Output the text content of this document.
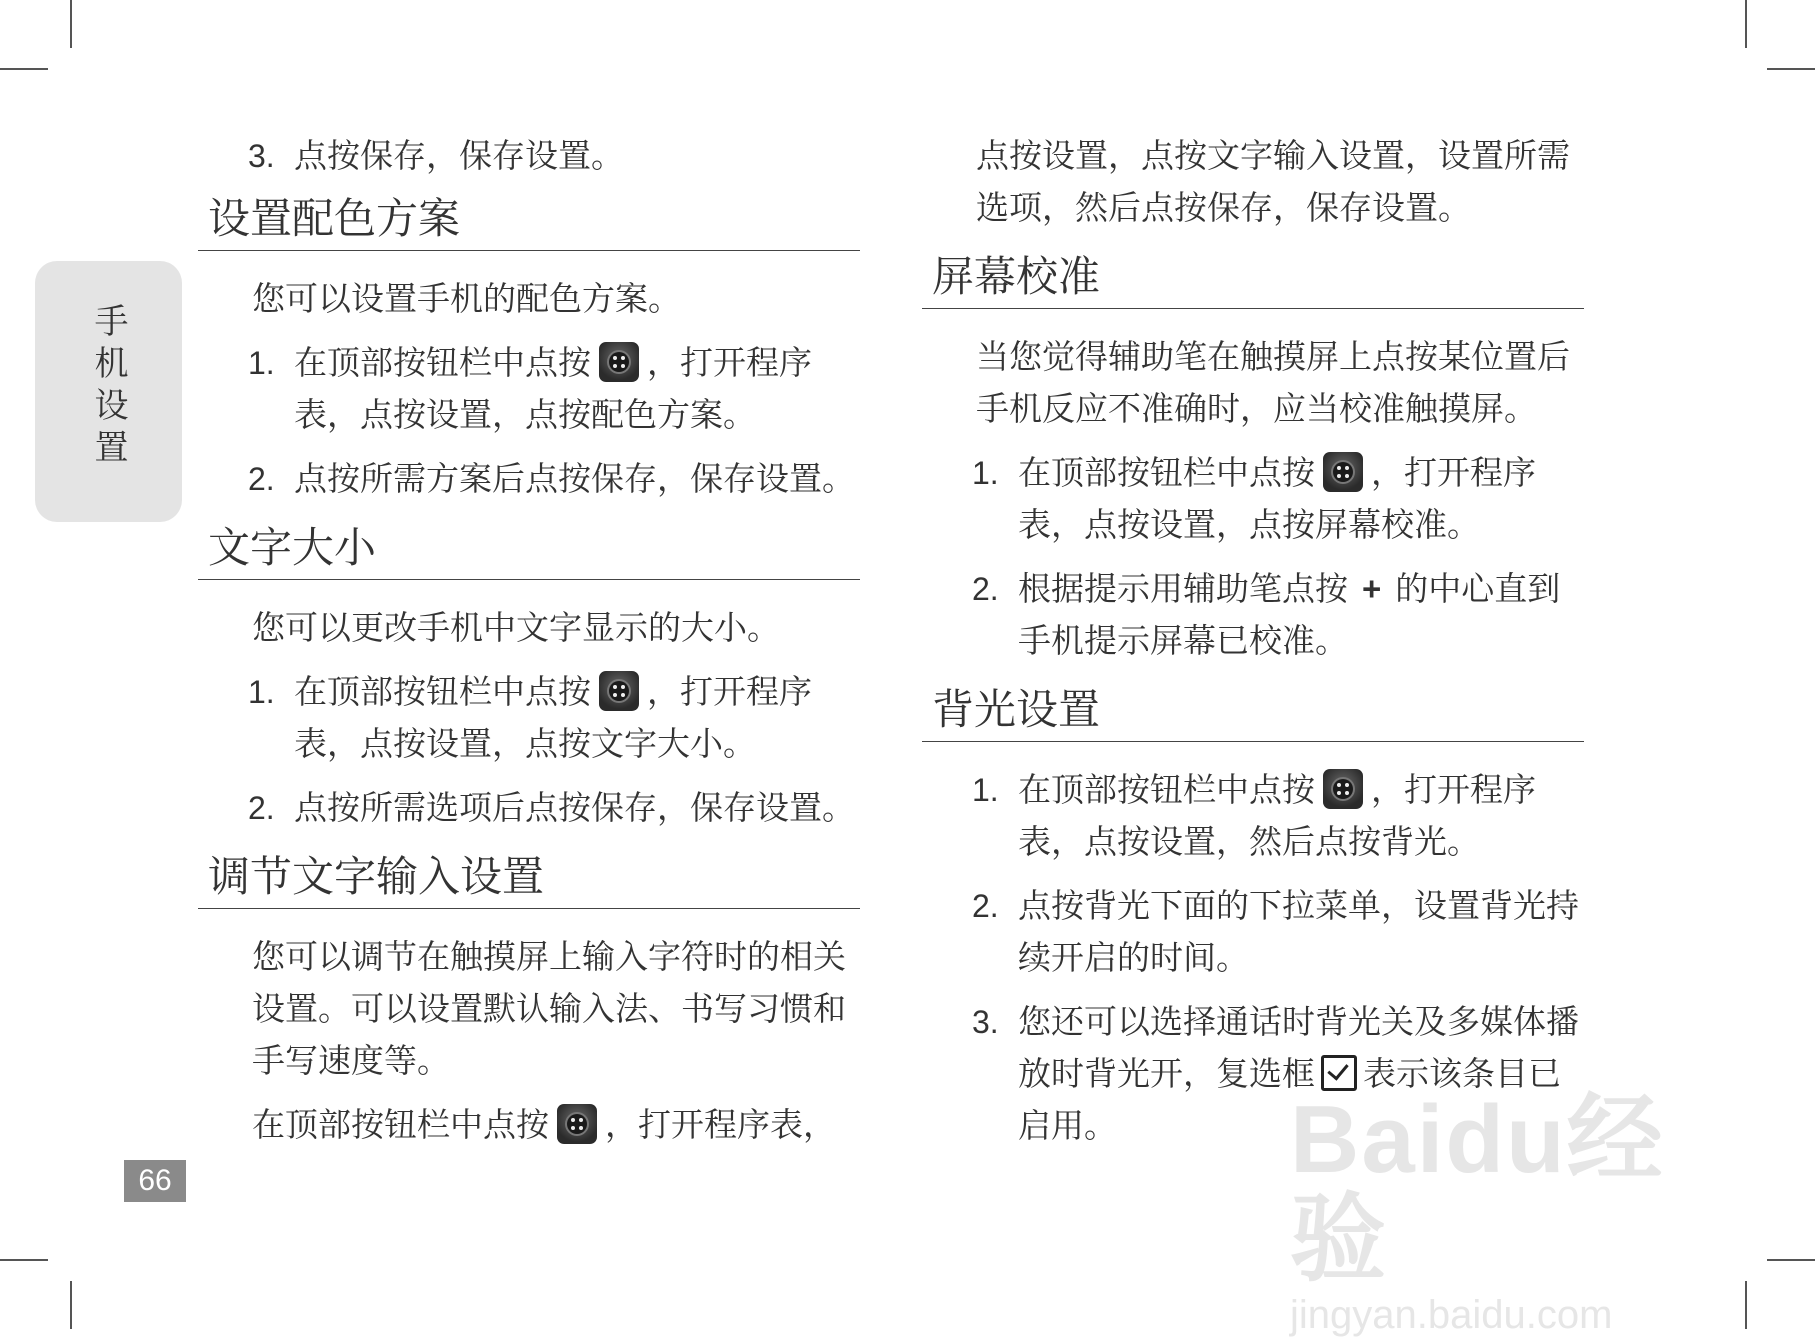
手机设置
66
3. 点按保存，保存设置。
设置配色方案
您可以设置手机的配色方案。
1. 在顶部按钮栏中点按 ，打开程序表，点按设置，点按配色方案。
2. 点按所需方案后点按保存，保存设置。
文字大小
您可以更改手机中文字显示的大小。
1. 在顶部按钮栏中点按 ，打开程序表，点按设置，点按文字大小。
2. 点按所需选项后点按保存，保存设置。
调节文字输入设置
您可以调节在触摸屏上输入字符时的相关设置。可以设置默认输入法、书写习惯和手写速度等。
在顶部按钮栏中点按 ，打开程序表，
点按设置，点按文字输入设置，设置所需选项，然后点按保存，保存设置。
屏幕校准
当您觉得辅助笔在触摸屏上点按某位置后手机反应不准确时，应当校准触摸屏。
1. 在顶部按钮栏中点按 ，打开程序表，点按设置，点按屏幕校准。
2. 根据提示用辅助笔点按 + 的中心直到手机提示屏幕已校准。
背光设置
1. 在顶部按钮栏中点按 ，打开程序表，点按设置，然后点按背光。
2. 点按背光下面的下拉菜单，设置背光持续开启的时间。
3. 您还可以选择通话时背光关及多媒体播放时背光开，复选框 表示该条目已启用。	Baidu经验
jingyan.baidu.com
